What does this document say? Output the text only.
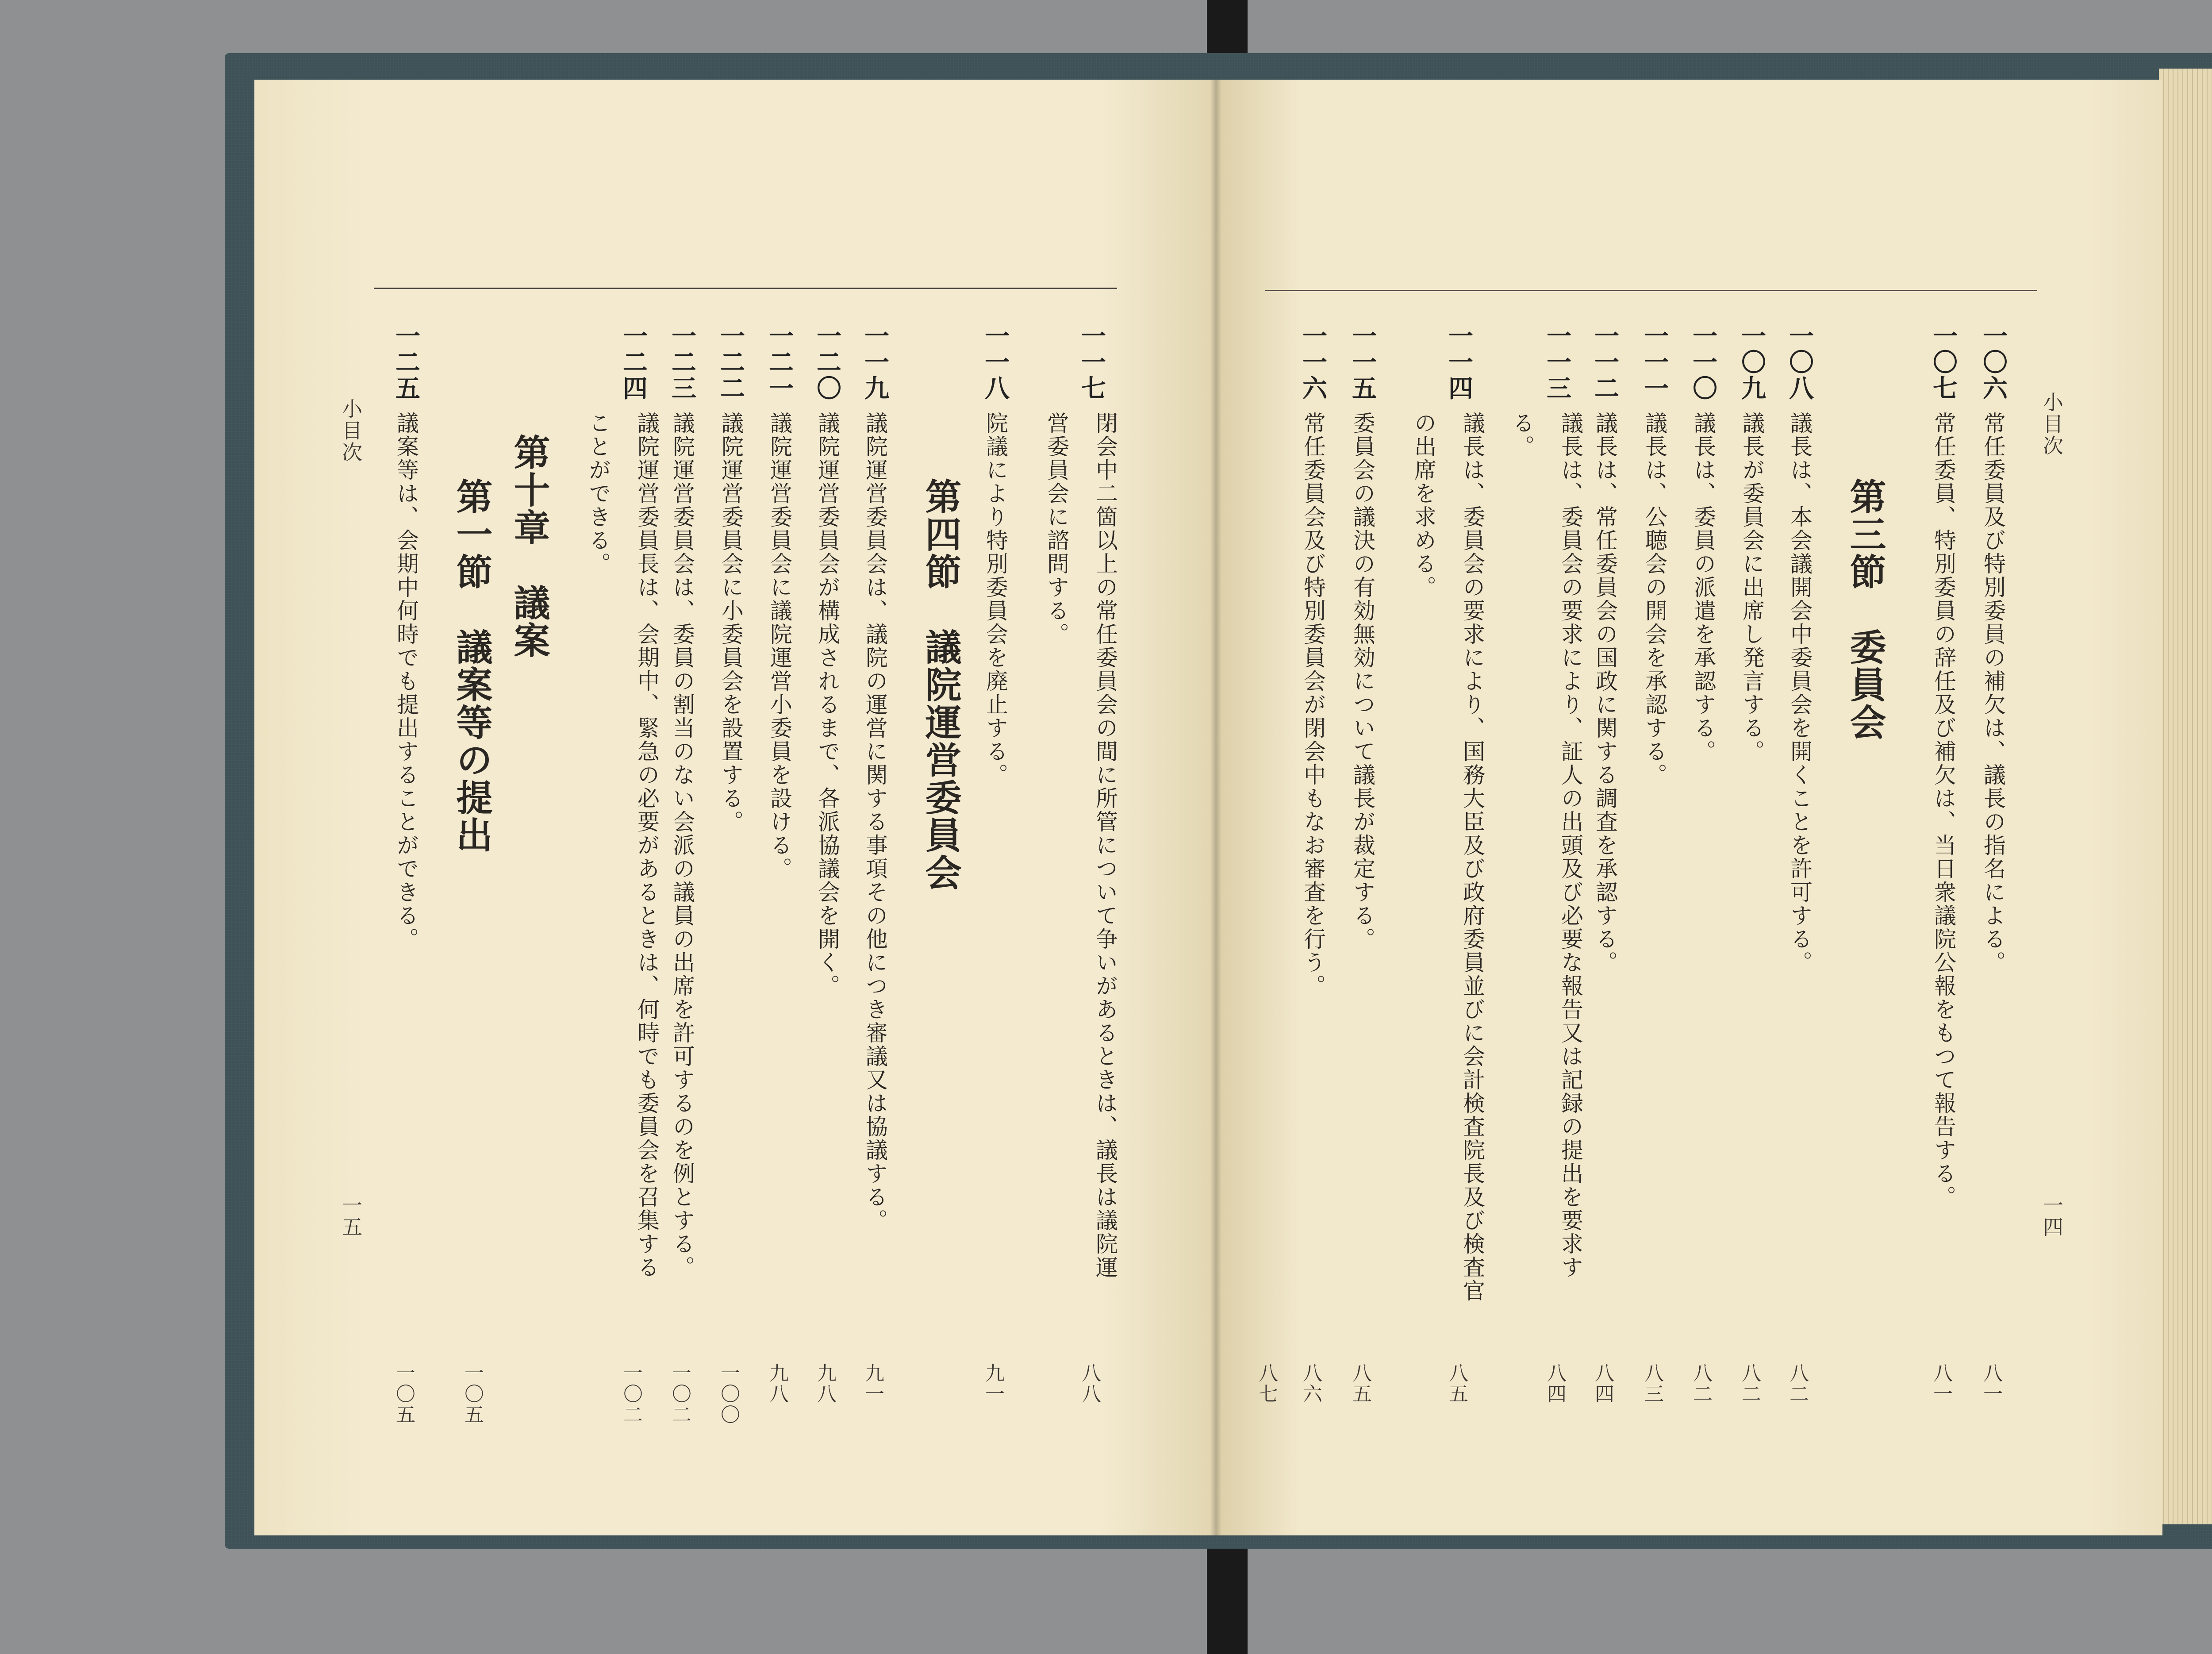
小目次
一四
一〇六
常任委員及び特別委員の補欠は、議長の指名による。
八一
一〇七
常任委員、特別委員の辞任及び補欠は、当日衆議院公報をもつて報告する。
八一
第三節　委員会
一〇八
議長は、本会議開会中委員会を開くことを許可する。
八二
一〇九
議長が委員会に出席し発言する。
八二
一一〇
議長は、委員の派遣を承認する。
八二
一一一
議長は、公聴会の開会を承認する。
八三
一一二
議長は、常任委員会の国政に関する調査を承認する。
八四
一一三
議長は、委員会の要求により、証人の出頭及び必要な報告又は記録の提出を要求する。
八四
一一四
議長は、委員会の要求により、国務大臣及び政府委員並びに会計検査院長及び検査官の出席を求める。
八五
一一五
委員会の議決の有効無効について議長が裁定する。
八五
一一六
常任委員会及び特別委員会が閉会中もなお審査を行う。
八六
八七
小目次
一五
一一七
閉会中二箇以上の常任委員会の間に所管について争いがあるときは、議長は議院運営委員会に諮問する。
八八
一一八
院議により特別委員会を廃止する。
九一
第四節　議院運営委員会
一一九
議院運営委員会は、議院の運営に関する事項その他につき審議又は協議する。
九一
一二〇
議院運営委員会が構成されるまで、各派協議会を開く。
九八
一二一
議院運営委員会に議院運営小委員を設ける。
九八
一二二
議院運営委員会に小委員会を設置する。
一〇〇
一二三
議院運営委員会は、委員の割当のない会派の議員の出席を許可するのを例とする。
一〇二
一二四
議院運営委員長は、会期中、緊急の必要があるときは、何時でも委員会を召集することができる。
一〇二
第十章　議案
第一節　議案等の提出
一二五
議案等は、会期中何時でも提出することができる。
一〇五
一〇五
